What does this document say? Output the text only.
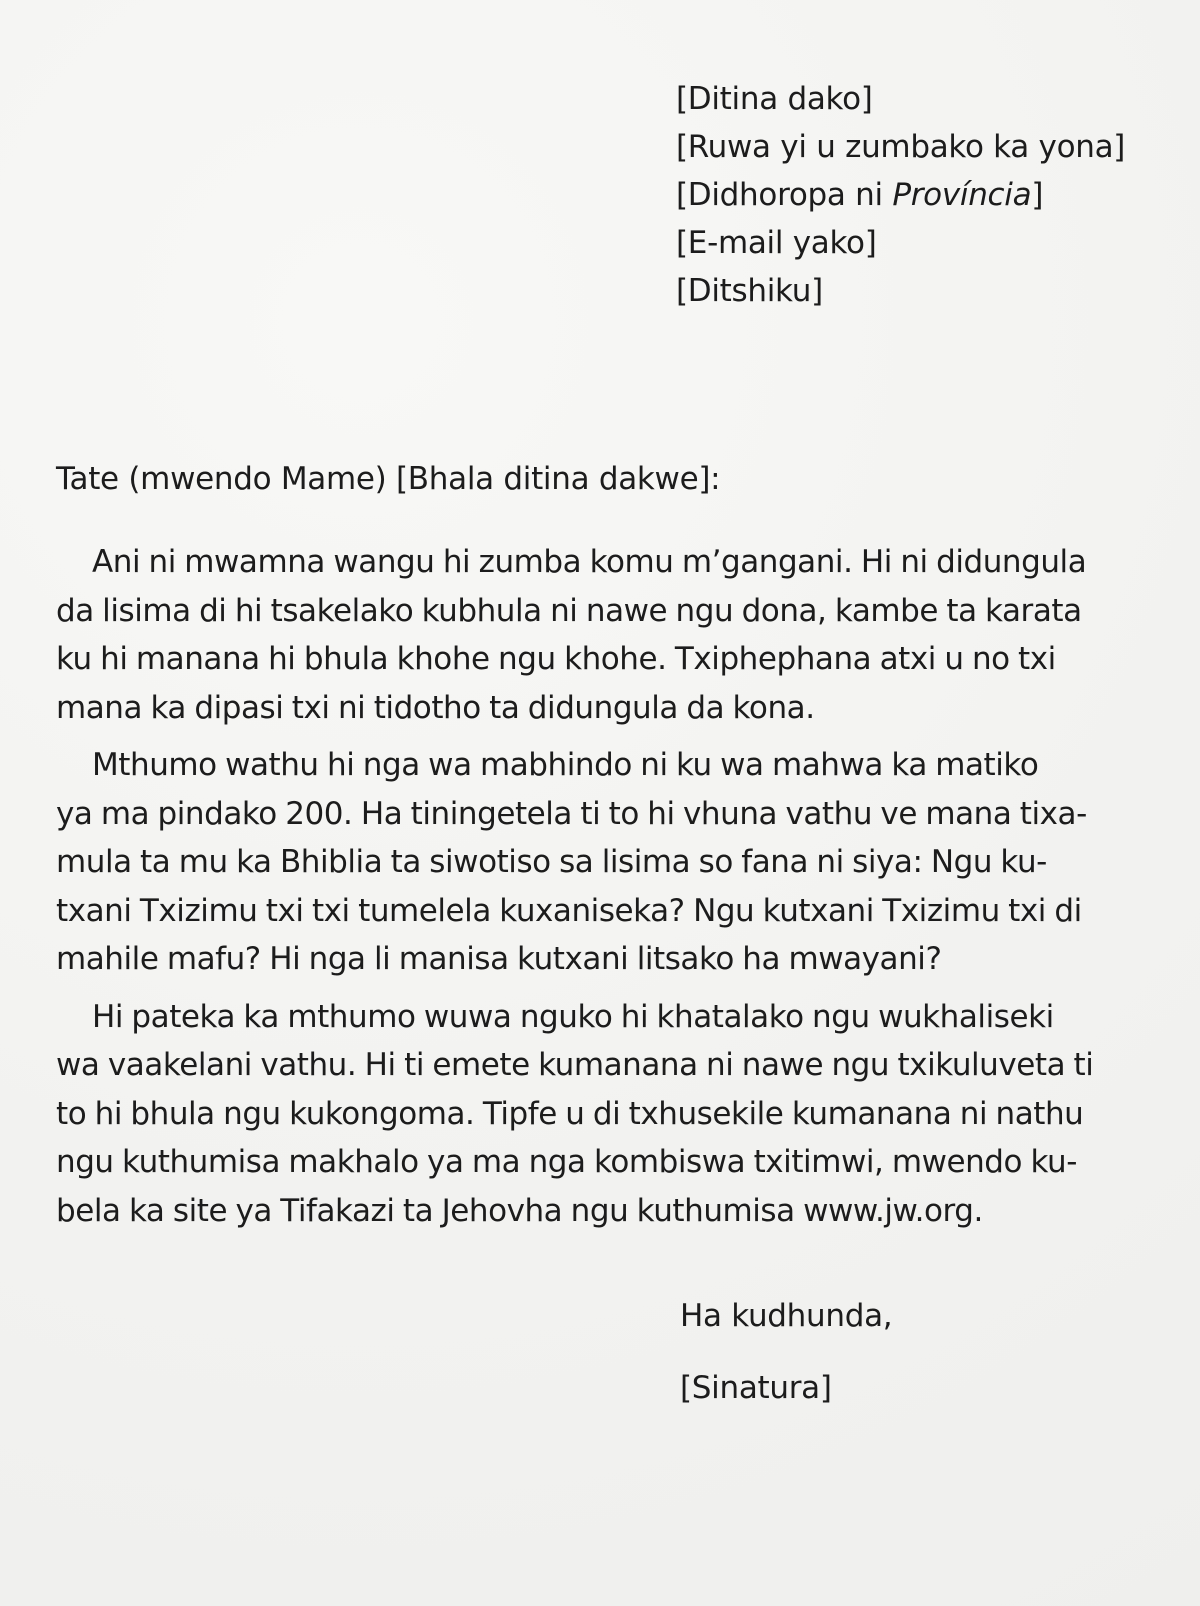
[Ditina dako]
[Ruwa yi u zumbako ka yona]
[Didhoropa ni Província]
[E-mail yako]
[Ditshiku]
Tate (mwendo Mame) [Bhala ditina dakwe]:

Ani ni mwamna wangu hi zumba komu m’gangani. Hi ni didungula
da lisima di hi tsakelako kubhula ni nawe ngu dona, kambe ta karata
ku hi manana hi bhula khohe ngu khohe. Txiphephana atxi u no txi
mana ka dipasi txi ni tidotho ta didungula da kona.

Mthumo wathu hi nga wa mabhindo ni ku wa mahwa ka matiko
ya ma pindako 200. Ha tiningetela ti to hi vhuna vathu ve mana tixa-
mula ta mu ka Bhiblia ta siwotiso sa lisima so fana ni siya: Ngu ku-
txani Txizimu txi txi tumelela kuxaniseka? Ngu kutxani Txizimu txi di
mahile mafu? Hi nga li manisa kutxani litsako ha mwayani?

Hi pateka ka mthumo wuwa nguko hi khatalako ngu wukhaliseki
wa vaakelani vathu. Hi ti emete kumanana ni nawe ngu txikuluveta ti
to hi bhula ngu kukongoma. Tipfe u di txhusekile kumanana ni nathu
ngu kuthumisa makhalo ya ma nga kombiswa txitimwi, mwendo ku-
bela ka site ya Tifakazi ta Jehovha ngu kuthumisa www.jw.org.

Ha kudhunda,
[Sinatura]
